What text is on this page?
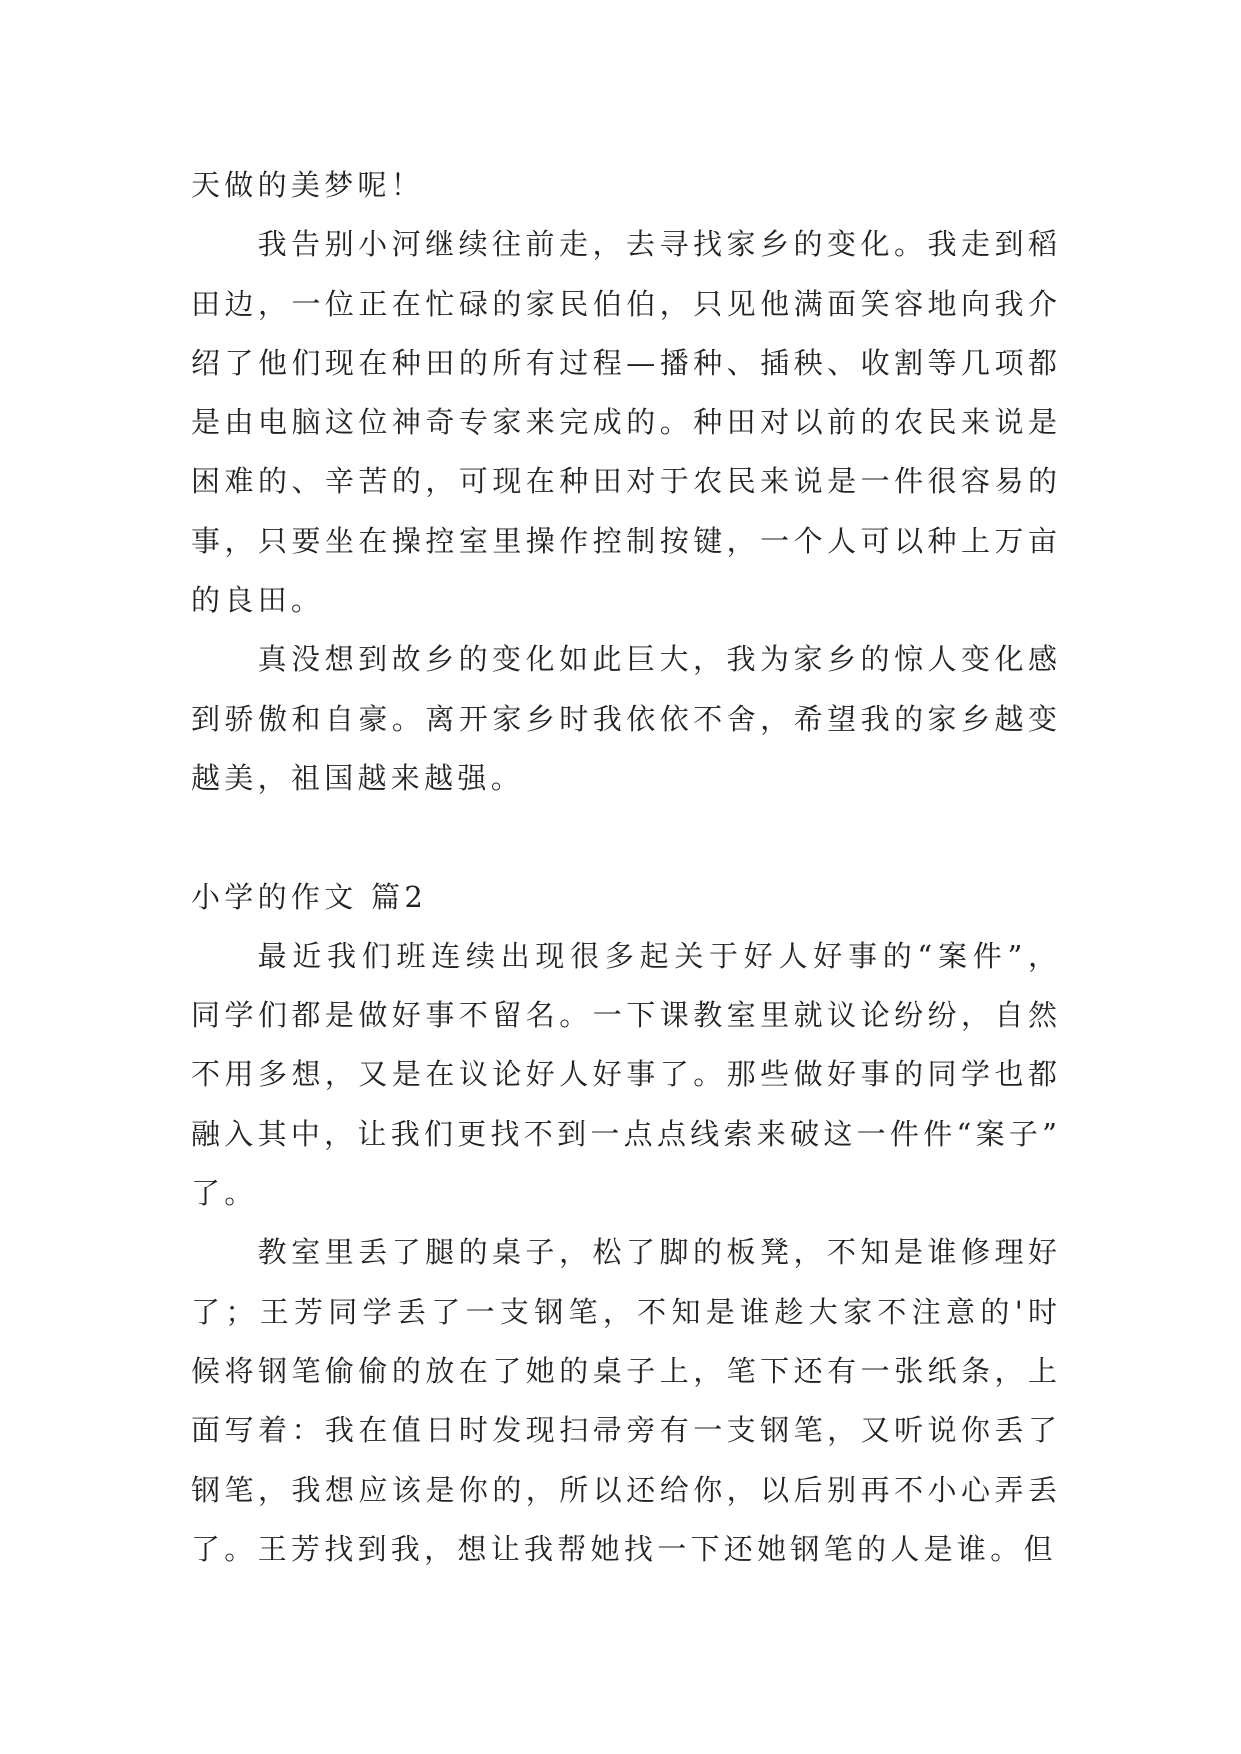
天做的美梦呢！
我告别小河继续往前走，去寻找家乡的变化。我走到稻
田边，一位正在忙碌的家民伯伯，只见他满面笑容地向我介
绍了他们现在种田的所有过程—播种、插秧、收割等几项都
是由电脑这位神奇专家来完成的。种田对以前的农民来说是
困难的、辛苦的，可现在种田对于农民来说是一件很容易的
事，只要坐在操控室里操作控制按键，一个人可以种上万亩
的良田。
真没想到故乡的变化如此巨大，我为家乡的惊人变化感
到骄傲和自豪。离开家乡时我依依不舍，希望我的家乡越变
越美，祖国越来越强。
小学的作文 篇2
最近我们班连续出现很多起关于好人好事的“案件”，
同学们都是做好事不留名。一下课教室里就议论纷纷，自然
不用多想，又是在议论好人好事了。那些做好事的同学也都
融入其中，让我们更找不到一点点线索来破这一件件“案子”
了。
教室里丢了腿的桌子，松了脚的板凳，不知是谁修理好
了；王芳同学丢了一支钢笔，不知是谁趁大家不注意的'时
候将钢笔偷偷的放在了她的桌子上，笔下还有一张纸条，上
面写着：我在值日时发现扫帚旁有一支钢笔，又听说你丢了
钢笔，我想应该是你的，所以还给你，以后别再不小心弄丢
了。王芳找到我，想让我帮她找一下还她钢笔的人是谁。但
